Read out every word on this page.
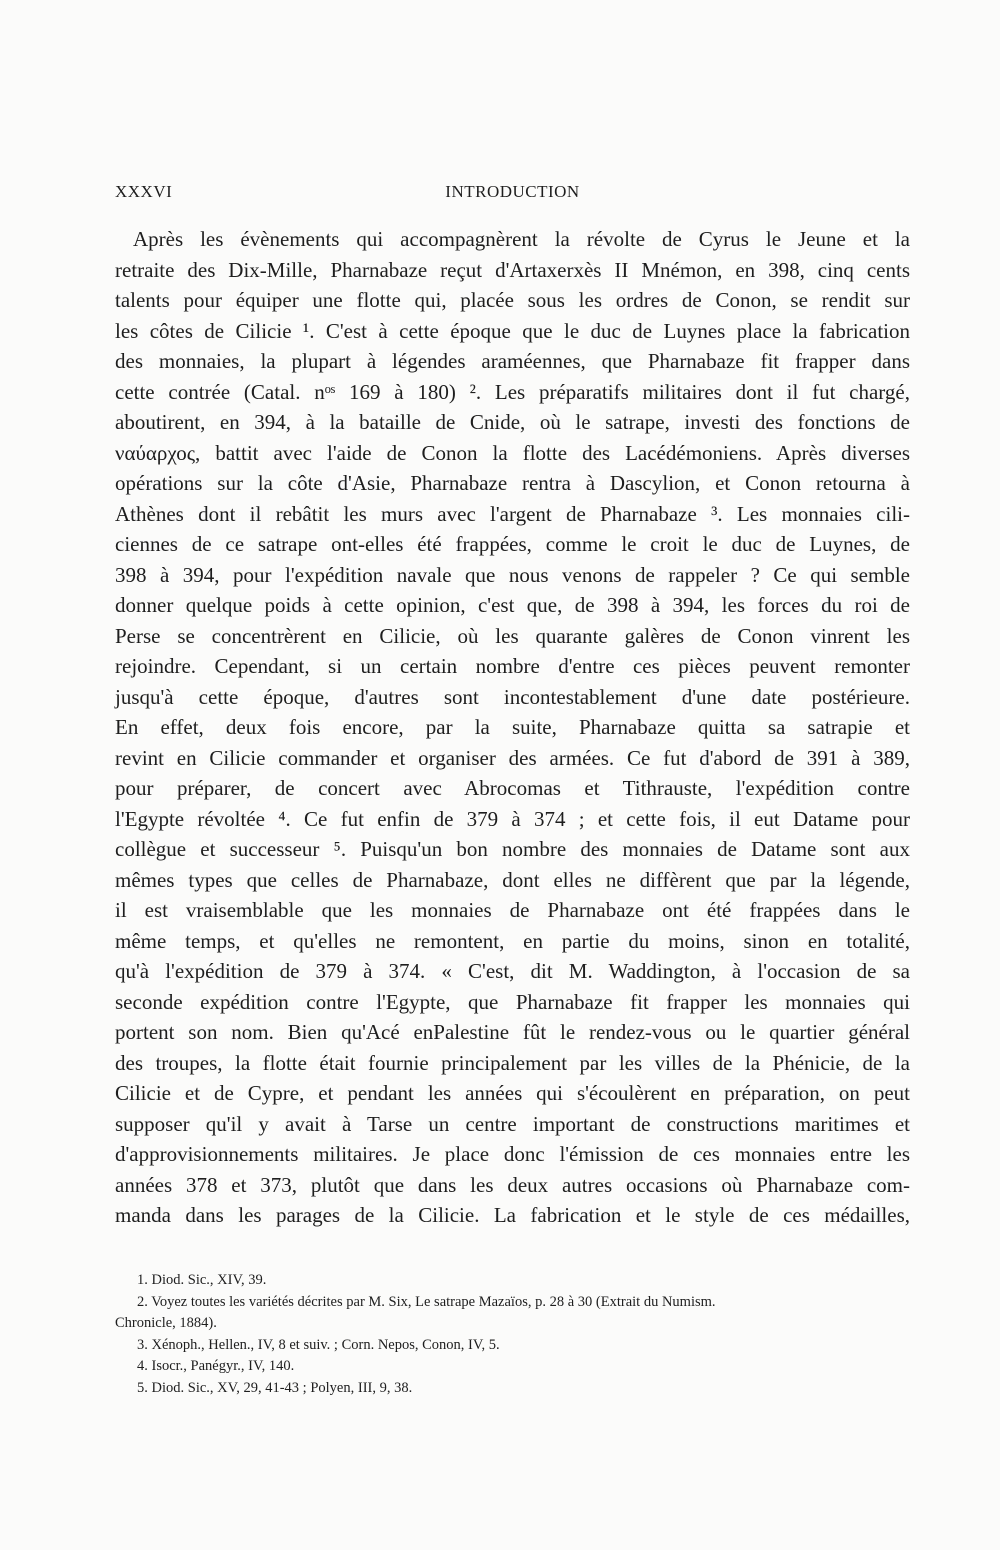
XXXVI	INTRODUCTION
Après les évènements qui accompagnèrent la révolte de Cyrus le Jeune et la
retraite des Dix-Mille, Pharnabaze reçut d'Artaxerxès II Mnémon, en 398, cinq cents
talents pour équiper une flotte qui, placée sous les ordres de Conon, se rendit sur
les côtes de Cilicie ¹. C'est à cette époque que le duc de Luynes place la fabrication
des monnaies, la plupart à légendes araméennes, que Pharnabaze fit frapper dans
cette contrée (Catal. nᵒˢ 169 à 180) ². Les préparatifs militaires dont il fut chargé,
aboutirent, en 394, à la bataille de Cnide, où le satrape, investi des fonctions de
ναύαρχος, battit avec l'aide de Conon la flotte des Lacédémoniens. Après diverses
opérations sur la côte d'Asie, Pharnabaze rentra à Dascylion, et Conon retourna à
Athènes dont il rebâtit les murs avec l'argent de Pharnabaze ³. Les monnaies cili-
ciennes de ce satrape ont-elles été frappées, comme le croit le duc de Luynes, de
398 à 394, pour l'expédition navale que nous venons de rappeler ? Ce qui semble
donner quelque poids à cette opinion, c'est que, de 398 à 394, les forces du roi de
Perse se concentrèrent en Cilicie, où les quarante galères de Conon vinrent les
rejoindre. Cependant, si un certain nombre d'entre ces pièces peuvent remonter
jusqu'à cette époque, d'autres sont incontestablement d'une date postérieure.
En effet, deux fois encore, par la suite, Pharnabaze quitta sa satrapie et
revint en Cilicie commander et organiser des armées. Ce fut d'abord de 391 à 389,
pour préparer, de concert avec Abrocomas et Tithrauste, l'expédition contre
l'Egypte révoltée ⁴. Ce fut enfin de 379 à 374 ; et cette fois, il eut Datame pour
collègue et successeur ⁵. Puisqu'un bon nombre des monnaies de Datame sont aux
mêmes types que celles de Pharnabaze, dont elles ne diffèrent que par la légende,
il est vraisemblable que les monnaies de Pharnabaze ont été frappées dans le
même temps, et qu'elles ne remontent, en partie du moins, sinon en totalité,
qu'à l'expédition de 379 à 374. « C'est, dit M. Waddington, à l'occasion de sa
seconde expédition contre l'Egypte, que Pharnabaze fit frapper les monnaies qui
portent son nom. Bien qu'Acé enPalestine fût le rendez-vous ou le quartier général
des troupes, la flotte était fournie principalement par les villes de la Phénicie, de la
Cilicie et de Cypre, et pendant les années qui s'écoulèrent en préparation, on peut
supposer qu'il y avait à Tarse un centre important de constructions maritimes et
d'approvisionnements militaires. Je place donc l'émission de ces monnaies entre les
années 378 et 373, plutôt que dans les deux autres occasions où Pharnabaze com-
manda dans les parages de la Cilicie. La fabrication et le style de ces médailles,
1. Diod. Sic., XIV, 39.
2. Voyez toutes les variétés décrites par M. Six, Le satrape Mazaïos, p. 28 à 30 (Extrait du Numism.
Chronicle, 1884).
3. Xénoph., Hellen., IV, 8 et suiv. ; Corn. Nepos, Conon, IV, 5.
4. Isocr., Panégyr., IV, 140.
5. Diod. Sic., XV, 29, 41-43 ; Polyen, III, 9, 38.
